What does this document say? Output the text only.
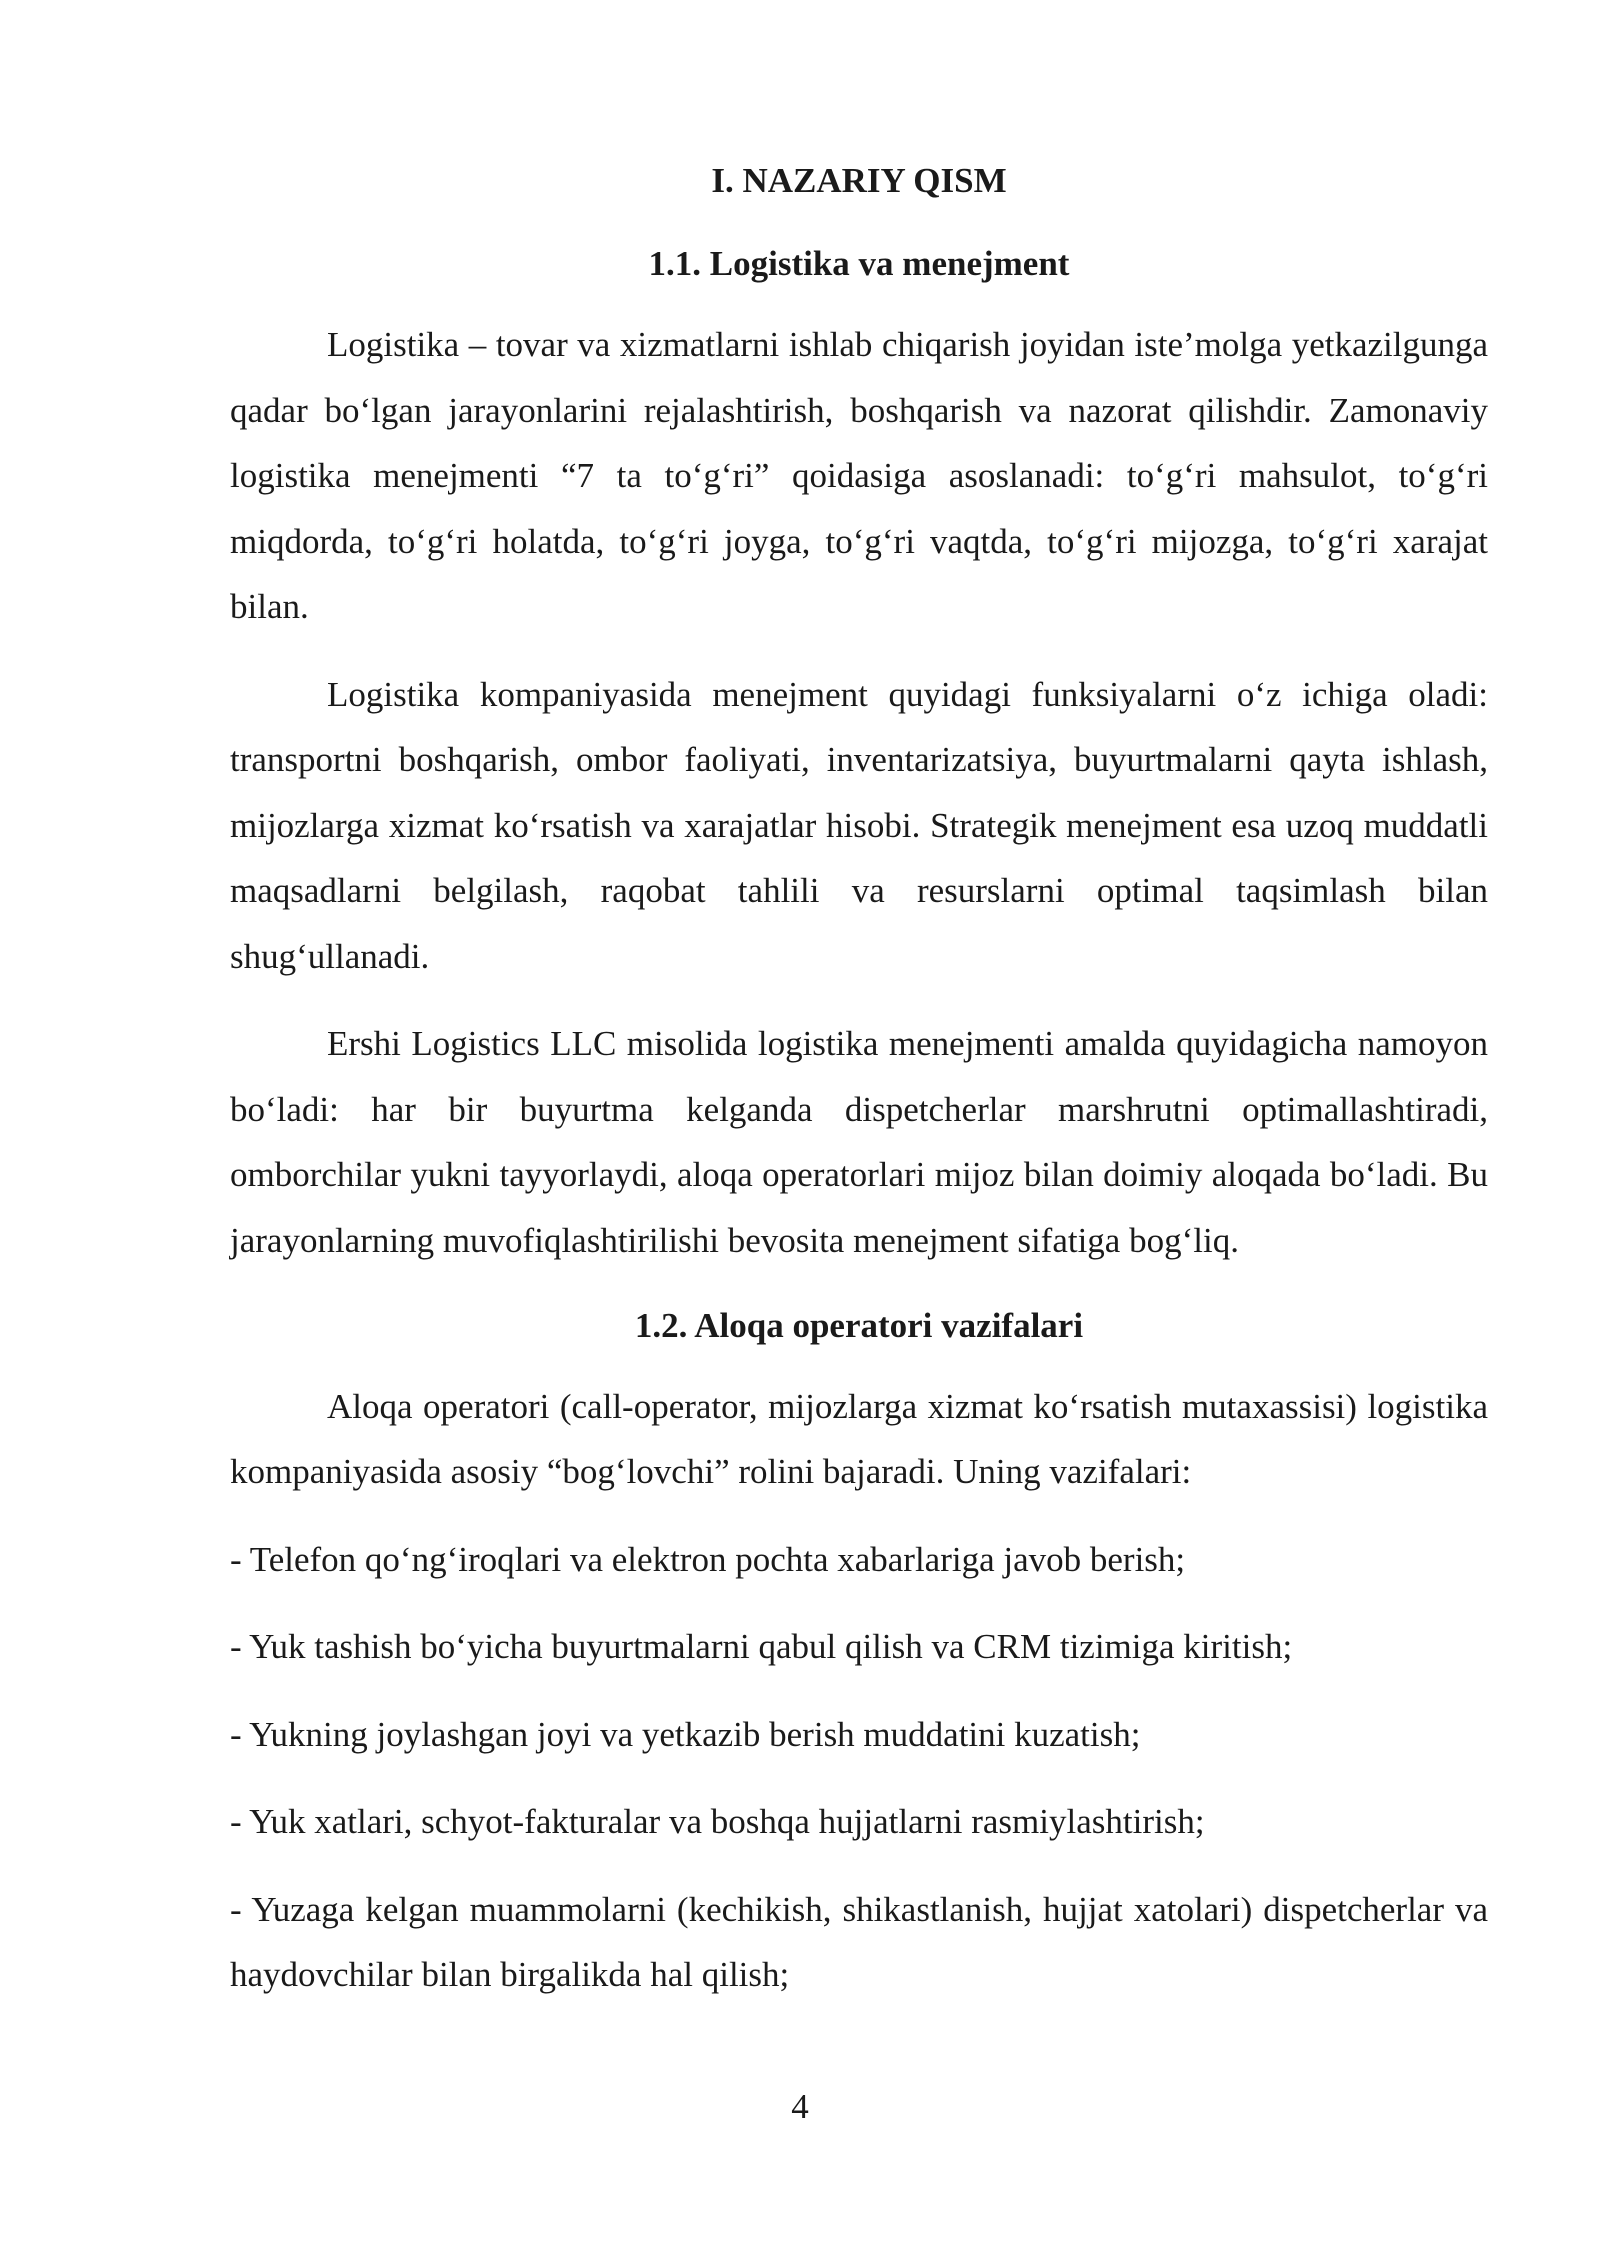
I. NAZARIY QISM
1.1. Logistika va menejment

Logistika – tovar va xizmatlarni ishlab chiqarish joyidan iste’molga yetkazilgunga qadar bo‘lgan jarayonlarini rejalashtirish, boshqarish va nazorat qilishdir. Zamonaviy logistika menejmenti “7 ta to‘g‘ri” qoidasiga asoslanadi: to‘g‘ri mahsulot, to‘g‘ri miqdorda, to‘g‘ri holatda, to‘g‘ri joyga, to‘g‘ri vaqtda, to‘g‘ri mijozga, to‘g‘ri xarajat bilan.

Logistika kompaniyasida menejment quyidagi funksiyalarni o‘z ichiga oladi: transportni boshqarish, ombor faoliyati, inventarizatsiya, buyurtmalarni qayta ishlash, mijozlarga xizmat ko‘rsatish va xarajatlar hisobi. Strategik menejment esa uzoq muddatli maqsadlarni belgilash, raqobat tahlili va resurslarni optimal taqsimlash bilan shug‘ullanadi.

Ershi Logistics LLC misolida logistika menejmenti amalda quyidagicha namoyon bo‘ladi: har bir buyurtma kelganda dispetcherlar marshrutni optimallashtiradi, omborchilar yukni tayyorlaydi, aloqa operatorlari mijoz bilan doimiy aloqada bo‘ladi. Bu jarayonlarning muvofiqlashtirilishi bevosita menejment sifatiga bog‘liq.

1.2. Aloqa operatori vazifalari

Aloqa operatori (call-operator, mijozlarga xizmat ko‘rsatish mutaxassisi) logistika kompaniyasida asosiy “bog‘lovchi” rolini bajaradi. Uning vazifalari:

- Telefon qo‘ng‘iroqlari va elektron pochta xabarlariga javob berish;
- Yuk tashish bo‘yicha buyurtmalarni qabul qilish va CRM tizimiga kiritish;
- Yukning joylashgan joyi va yetkazib berish muddatini kuzatish;
- Yuk xatlari, schyot-fakturalar va boshqa hujjatlarni rasmiylashtirish;
- Yuzaga kelgan muammolarni (kechikish, shikastlanish, hujjat xatolari) dispetcherlar va haydovchilar bilan birgalikda hal qilish;
4
